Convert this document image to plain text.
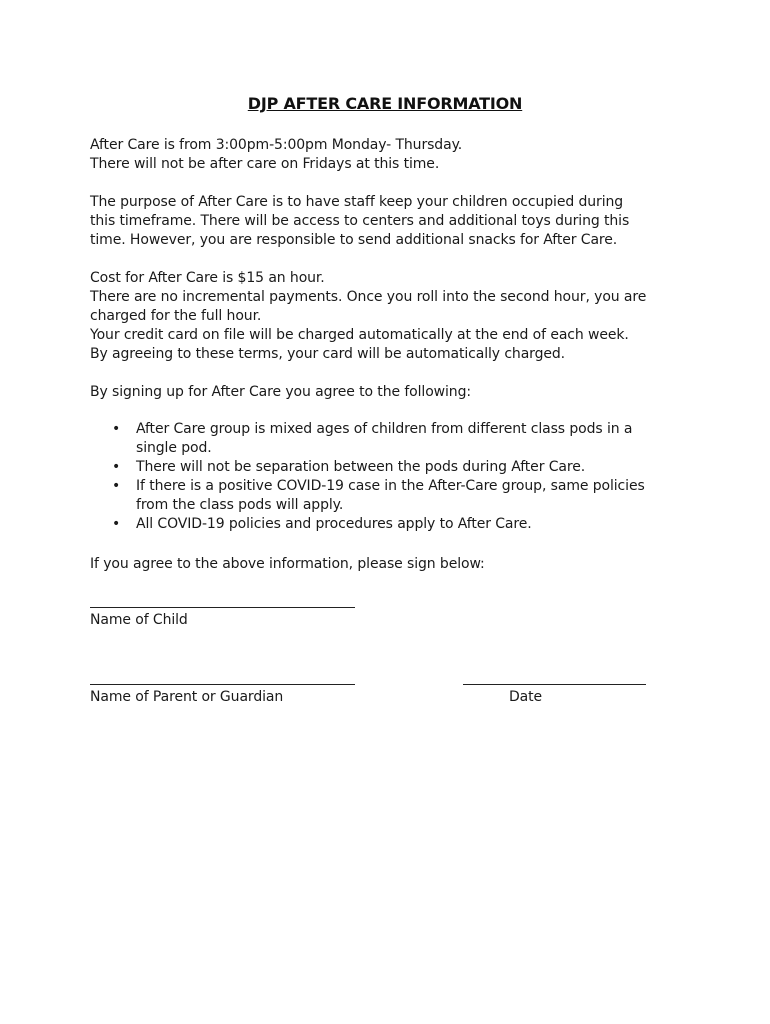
DJP AFTER CARE INFORMATION
After Care is from 3:00pm-5:00pm Monday- Thursday.
There will not be after care on Fridays at this time.
The purpose of After Care is to have staff keep your children occupied during
this timeframe. There will be access to centers and additional toys during this
time. However, you are responsible to send additional snacks for After Care.
Cost for After Care is $15 an hour.
There are no incremental payments. Once you roll into the second hour, you are
charged for the full hour.
Your credit card on file will be charged automatically at the end of each week.
By agreeing to these terms, your card will be automatically charged.
By signing up for After Care you agree to the following:
• After Care group is mixed ages of children from different class pods in a
single pod.
• There will not be separation between the pods during After Care.
• If there is a positive COVID-19 case in the After-Care group, same policies
from the class pods will apply.
• All COVID-19 policies and procedures apply to After Care.
If you agree to the above information, please sign below:
Name of Child
Name of Parent or Guardian	Date
